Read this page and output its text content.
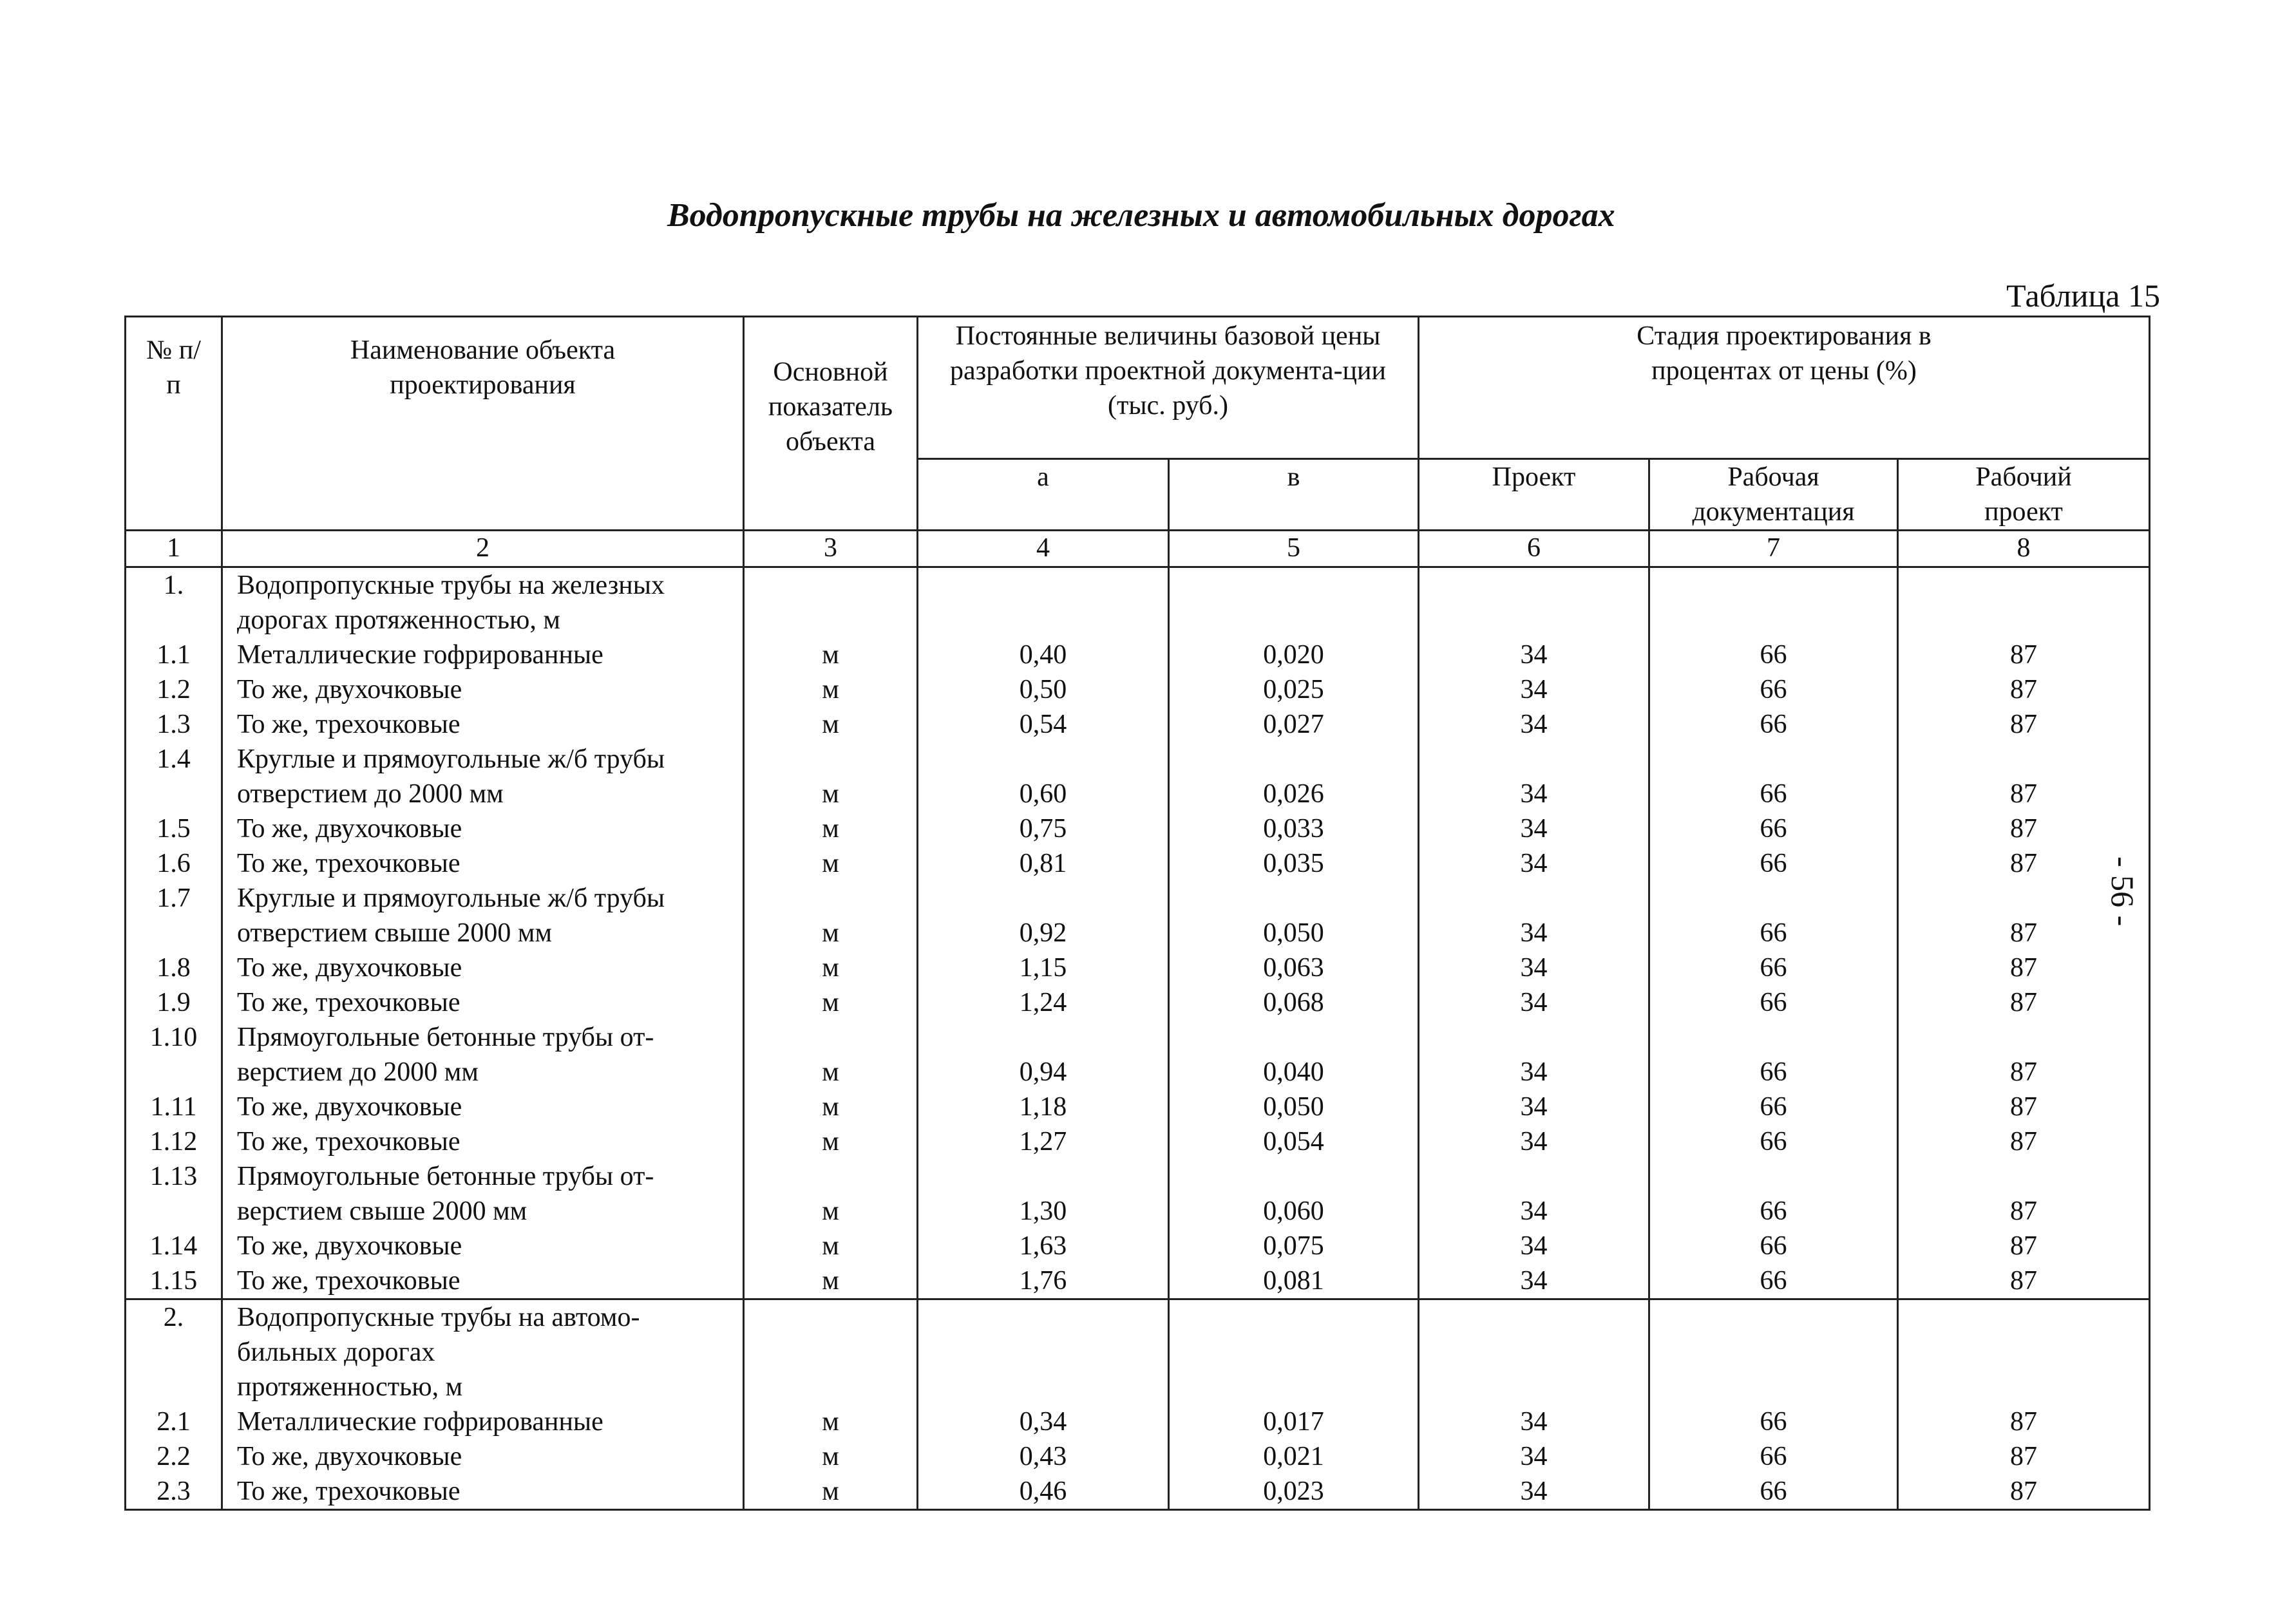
Водопропускные трубы на железных и автомобильных дорогах
Таблица 15
- 56 -
№ п/п	Наименование объекта проектирования	Основной показатель объекта	Постоянные величины базовой цены разработки проектной документа-ции (тыс. руб.)		Стадия проектирования в процентах от цены (%)		

			а	в	Проект	Рабочая документация	Рабочий проект

1	2	3	4	5	6	7	8
1.	Водопропускные трубы на железных
дорогах протяженностью, м						
1.1	Металлические гофрированные	м	0,40	0,020	34	66	87
1.2	То же, двухочковые	м	0,50	0,025	34	66	87
1.3	То же, трехочковые	м	0,54	0,027	34	66	87
1.4	Круглые и прямоугольные ж/б трубы
отверстием до 2000 мм	м	0,60	0,026	34	66	87
1.5	То же, двухочковые	м	0,75	0,033	34	66	87
1.6	То же, трехочковые	м	0,81	0,035	34	66	87
1.7	Круглые и прямоугольные ж/б трубы
отверстием свыше 2000 мм	м	0,92	0,050	34	66	87
1.8	То же, двухочковые	м	1,15	0,063	34	66	87
1.9	То же, трехочковые	м	1,24	0,068	34	66	87
1.10	Прямоугольные бетонные трубы от-
верстием до 2000 мм	м	0,94	0,040	34	66	87
1.11	То же, двухочковые	м	1,18	0,050	34	66	87
1.12	То же, трехочковые	м	1,27	0,054	34	66	87
1.13	Прямоугольные бетонные трубы от-
верстием свыше 2000 мм	м	1,30	0,060	34	66	87
1.14	То же, двухочковые	м	1,63	0,075	34	66	87
1.15	То же, трехочковые	м	1,76	0,081	34	66	87
2.	Водопропускные трубы на автомо-
бильных дорогах
протяженностью, м						
2.1	Металлические гофрированные	м	0,34	0,017	34	66	87
2.2	То же, двухочковые	м	0,43	0,021	34	66	87
2.3	То же, трехочковые	м	0,46	0,023	34	66	87
